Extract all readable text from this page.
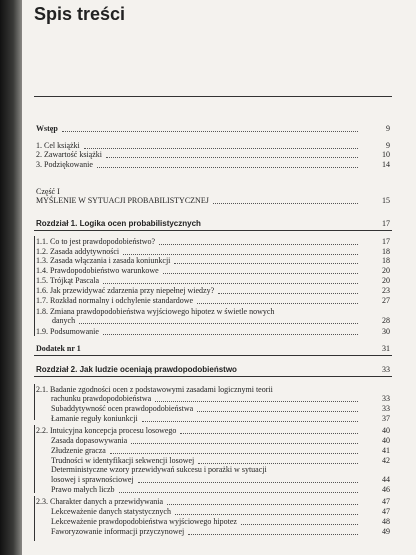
Spis treści
Wstęp	9
1. Cel książki	9
2. Zawartość książki	10
3. Podziękowanie	14
Część I
MYŚLENIE W SYTUACJI PROBABILISTYCZNEJ	15
Rozdział 1. Logika ocen probabilistycznych	17
1.1. Co to jest prawdopodobieństwo?	17
1.2. Zasada addytywności	18
1.3. Zasada włączania i zasada koniunkcji	18
1.4. Prawdopodobieństwo warunkowe	20
1.5. Trójkąt Pascala	20
1.6. Jak przewidywać zdarzenia przy niepełnej wiedzy?	23
1.7. Rozkład normalny i odchylenie standardowe	27
1.8. Zmiana prawdopodobieństwa wyjściowego hipotez w świetle nowych
danych	28
1.9. Podsumowanie	30
Dodatek nr 1	31
Rozdział 2. Jak ludzie oceniają prawdopodobieństwo	33
2.1. Badanie zgodności ocen z podstawowymi zasadami logicznymi teorii
rachunku prawdopodobieństwa	33
Subaddytywność ocen prawdopodobieństwa	33
Łamanie reguły koniunkcji	37
2.2. Intuicyjna koncepcja procesu losowego	40
Zasada dopasowywania	40
Złudzenie gracza	41
Trudności w identyfikacji sekwencji losowej	42
Deterministyczne wzory przewidywań sukcesu i porażki w sytuacji
losowej i sprawnościowej	44
Prawo małych liczb	46
2.3. Charakter danych a przewidywania	47
Lekceważenie danych statystycznych	47
Lekceważenie prawdopodobieństwa wyjściowego hipotez	48
Faworyzowanie informacji przyczynowej	49
